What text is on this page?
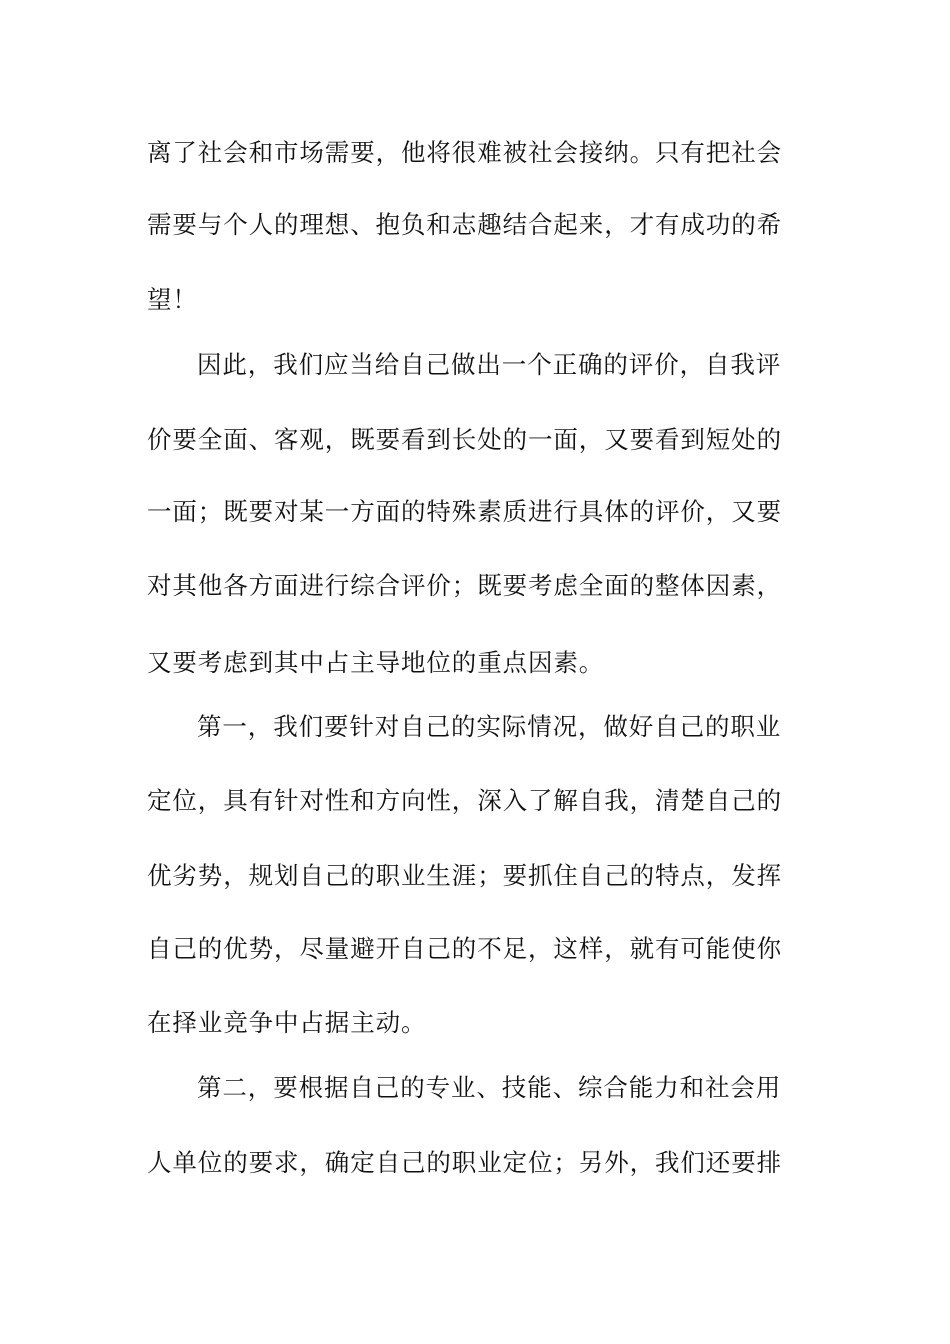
离了社会和市场需要，他将很难被社会接纳。只有把社会
需要与个人的理想、抱负和志趣结合起来，才有成功的希
望！
因此，我们应当给自己做出一个正确的评价，自我评
价要全面、客观，既要看到长处的一面，又要看到短处的
一面；既要对某一方面的特殊素质进行具体的评价，又要
对其他各方面进行综合评价；既要考虑全面的整体因素，
又要考虑到其中占主导地位的重点因素。
第一，我们要针对自己的实际情况，做好自己的职业
定位，具有针对性和方向性，深入了解自我，清楚自己的
优劣势，规划自己的职业生涯；要抓住自己的特点，发挥
自己的优势，尽量避开自己的不足，这样，就有可能使你
在择业竞争中占据主动。
第二，要根据自己的专业、技能、综合能力和社会用
人单位的要求，确定自己的职业定位；另外，我们还要排
